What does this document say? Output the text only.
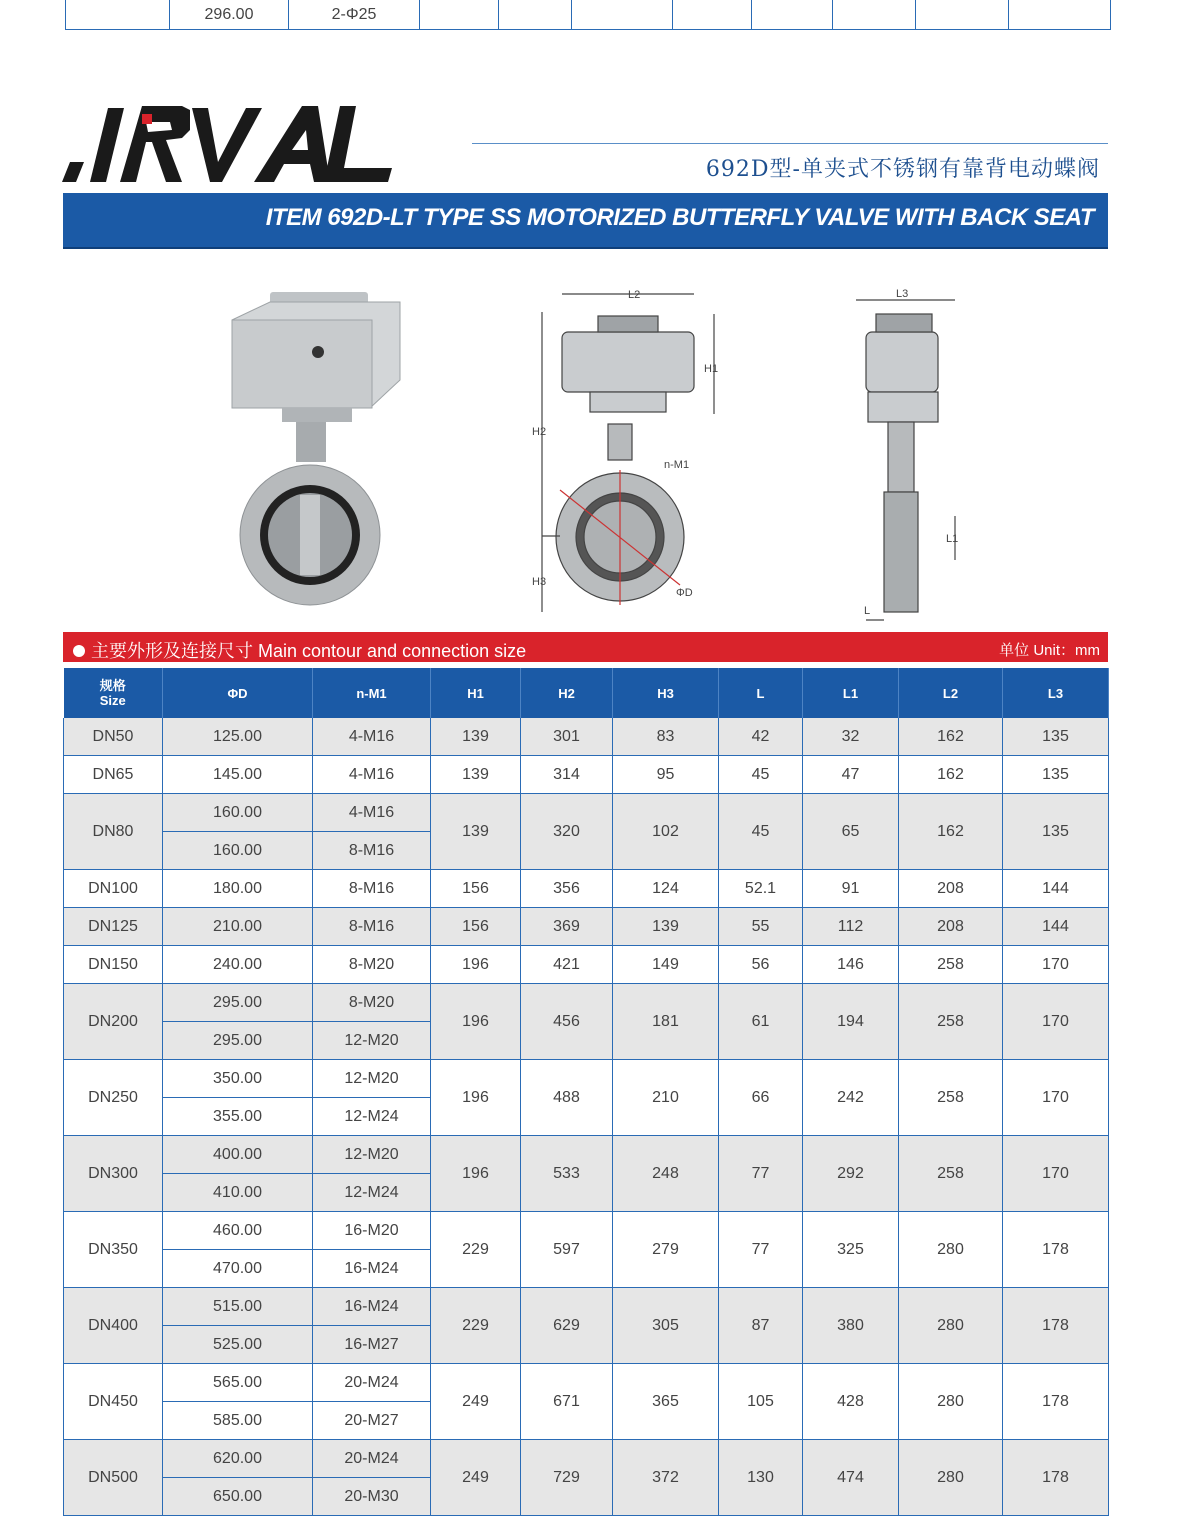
	296.00	2-Φ25								
692D型-单夹式不锈钢有靠背电动蝶阀
ITEM 692D-LT TYPE SS MOTORIZED BUTTERFLY VALVE WITH BACK SEAT
L2
H1
H2
H3
n-M1
ΦD
L3
L1
L
主要外形及连接尺寸 Main contour and connection size	单位 Unit：mm
规格
Size	ΦD	n-M1	H1	H2	H3	L	L1	L2	L3
DN50	125.00	4-M16	139	301	83	42	32	162	135
DN65	145.00	4-M16	139	314	95	45	47	162	135
DN80	160.00	4-M16	139	320	102	45	65	162	135
	160.00	8-M16							
DN100	180.00	8-M16	156	356	124	52.1	91	208	144
DN125	210.00	8-M16	156	369	139	55	112	208	144
DN150	240.00	8-M20	196	421	149	56	146	258	170
DN200	295.00	8-M20	196	456	181	61	194	258	170
	295.00	12-M20							
DN250	350.00	12-M20	196	488	210	66	242	258	170
	355.00	12-M24							
DN300	400.00	12-M20	196	533	248	77	292	258	170
	410.00	12-M24							
DN350	460.00	16-M20	229	597	279	77	325	280	178
	470.00	16-M24							
DN400	515.00	16-M24	229	629	305	87	380	280	178
	525.00	16-M27							
DN450	565.00	20-M24	249	671	365	105	428	280	178
	585.00	20-M27							
DN500	620.00	20-M24	249	729	372	130	474	280	178
	650.00	20-M30							
